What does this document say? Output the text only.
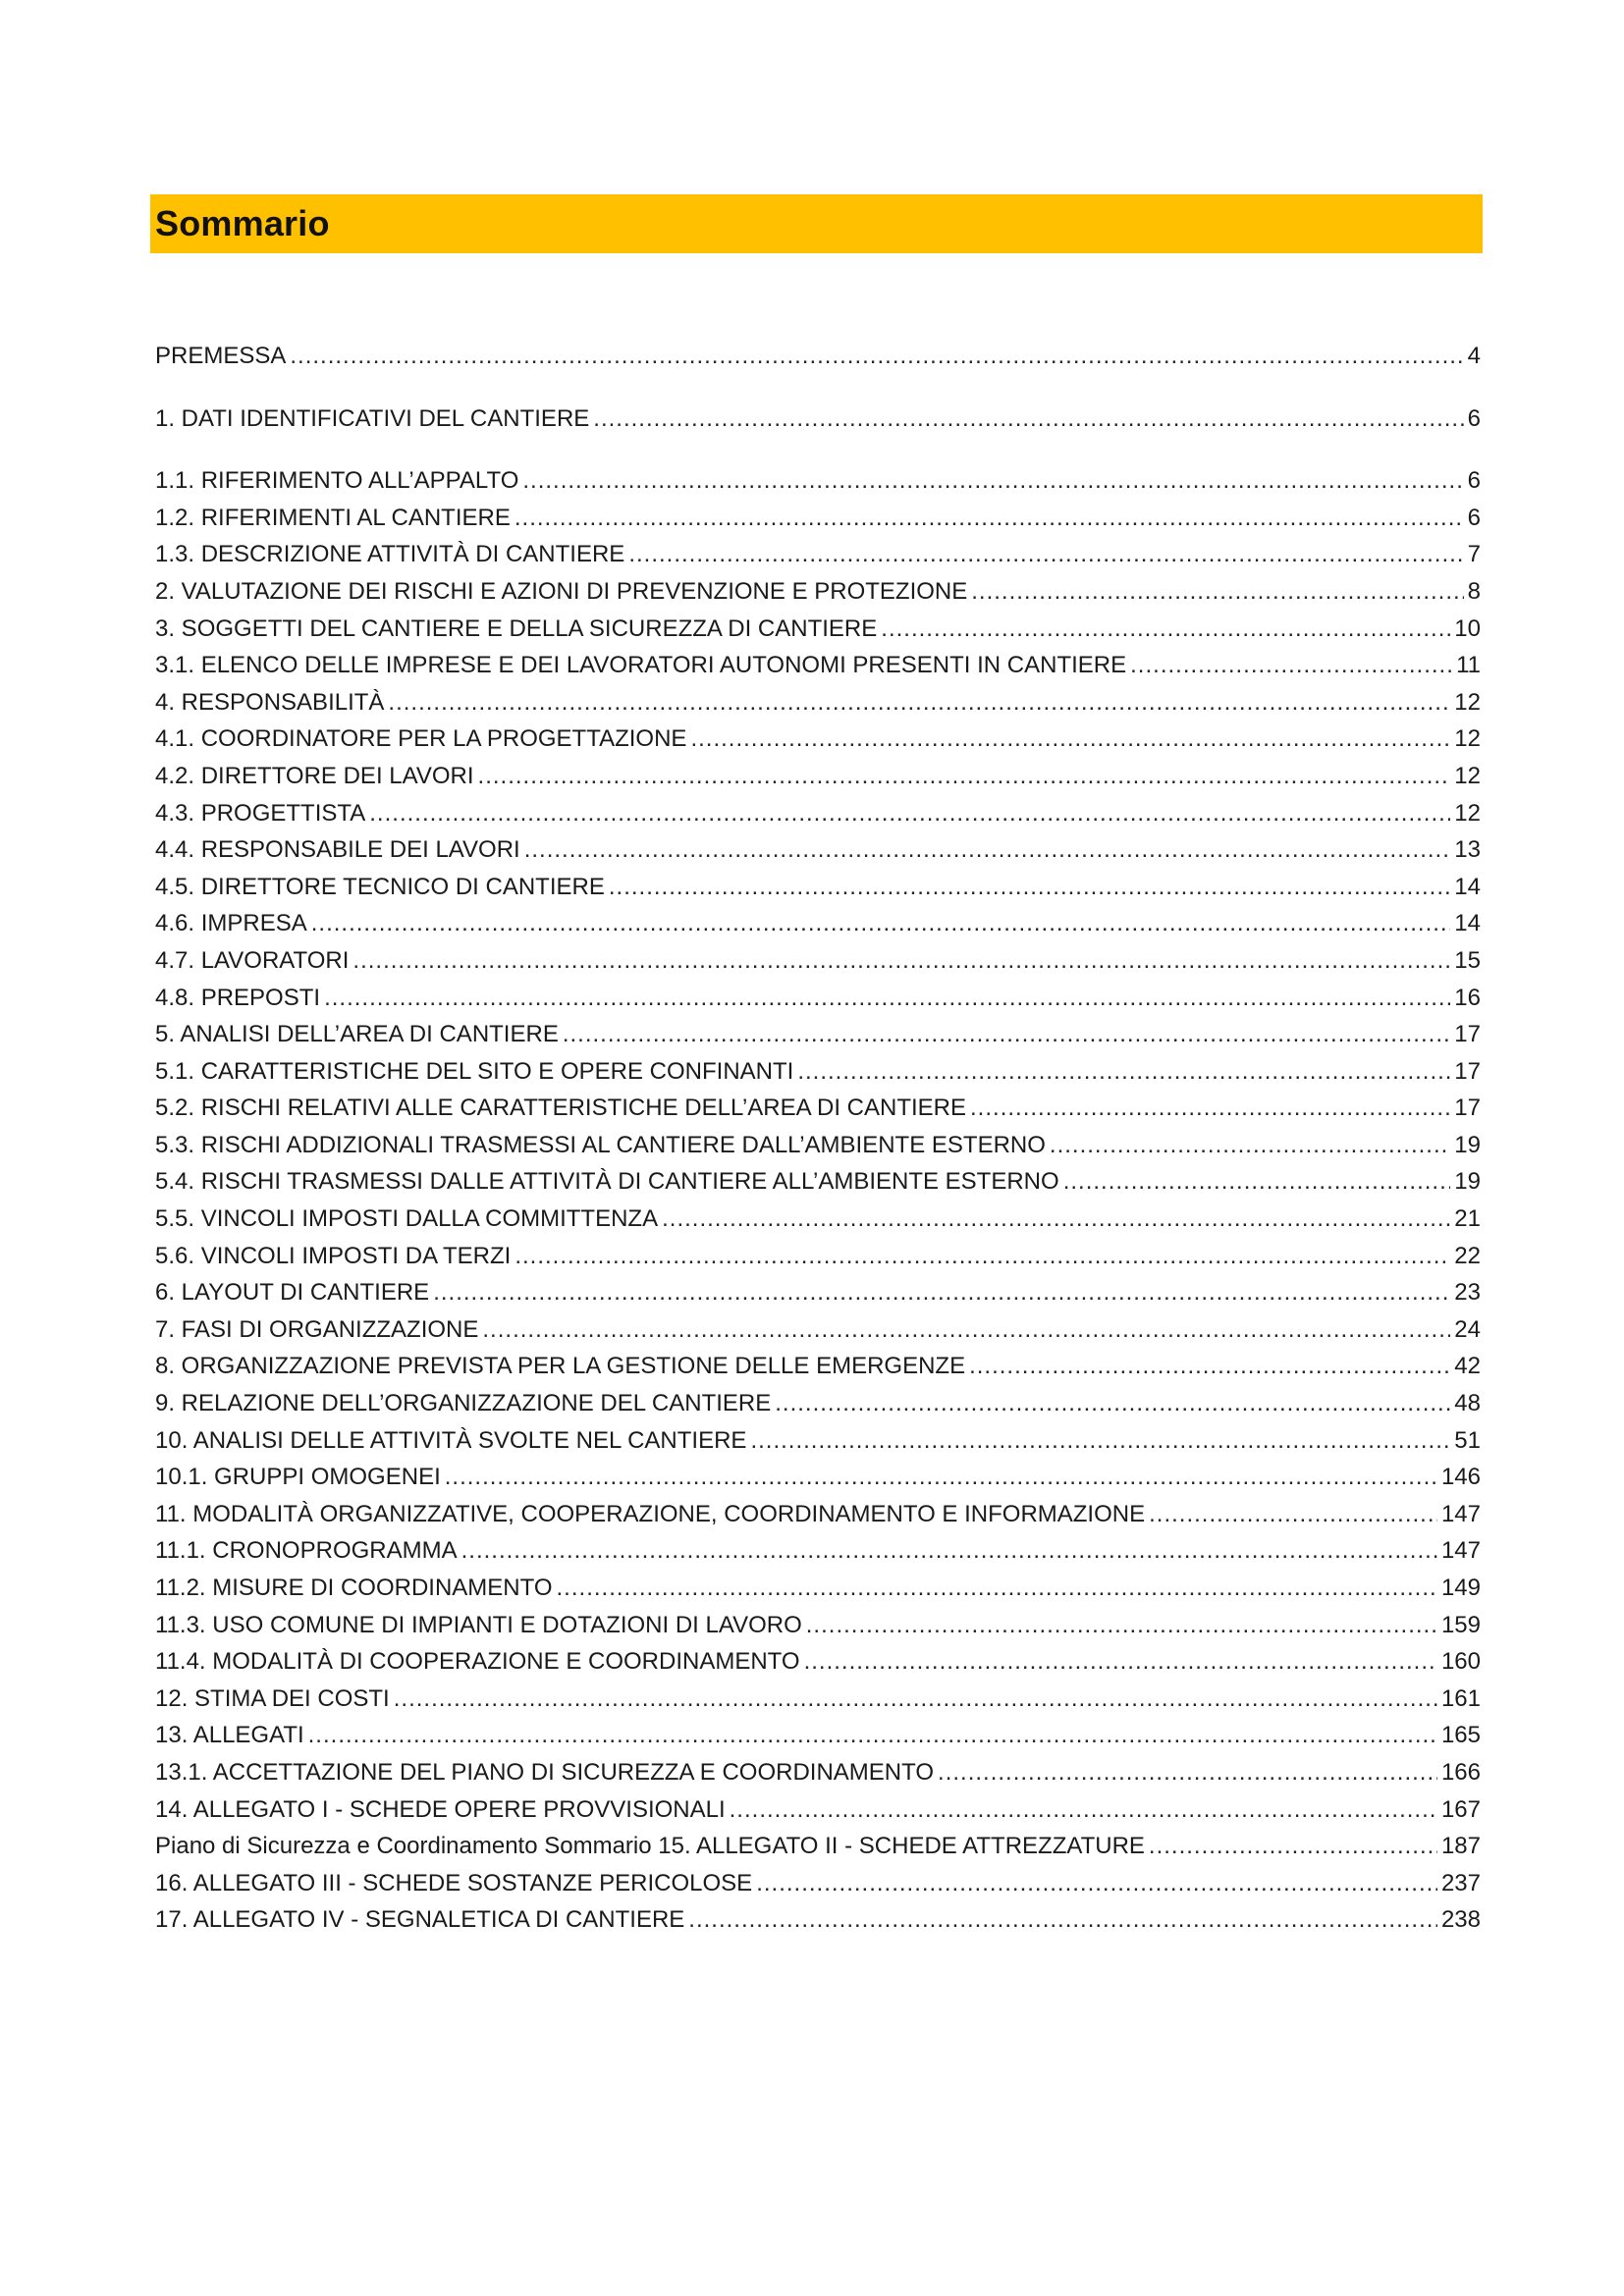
Sommario
PREMESSA .....	4
1. DATI IDENTIFICATIVI DEL CANTIERE .....	6
1.1. RIFERIMENTO ALL’APPALTO .....	6
1.2. RIFERIMENTI AL CANTIERE .....	6
1.3. DESCRIZIONE ATTIVITÀ DI CANTIERE .....	7
2. VALUTAZIONE DEI RISCHI E AZIONI DI PREVENZIONE E PROTEZIONE .....	8
3. SOGGETTI DEL CANTIERE E DELLA SICUREZZA DI CANTIERE .....	10
3.1. ELENCO DELLE IMPRESE E DEI LAVORATORI AUTONOMI PRESENTI IN CANTIERE .....	11
4. RESPONSABILITÀ .....	12
4.1. COORDINATORE PER LA PROGETTAZIONE .....	12
4.2. DIRETTORE DEI LAVORI .....	12
4.3. PROGETTISTA .....	12
4.4. RESPONSABILE DEI LAVORI .....	13
4.5. DIRETTORE TECNICO DI CANTIERE .....	14
4.6. IMPRESA .....	14
4.7. LAVORATORI .....	15
4.8. PREPOSTI .....	16
5. ANALISI DELL’AREA DI CANTIERE .....	17
5.1. CARATTERISTICHE DEL SITO E OPERE CONFINANTI .....	17
5.2. RISCHI RELATIVI ALLE CARATTERISTICHE DELL’AREA DI CANTIERE .....	17
5.3. RISCHI ADDIZIONALI TRASMESSI AL CANTIERE DALL’AMBIENTE ESTERNO .....	19
5.4. RISCHI TRASMESSI DALLE ATTIVITÀ DI CANTIERE ALL’AMBIENTE ESTERNO .....	19
5.5. VINCOLI IMPOSTI DALLA COMMITTENZA .....	21
5.6. VINCOLI IMPOSTI DA TERZI .....	22
6. LAYOUT DI CANTIERE .....	23
7. FASI DI ORGANIZZAZIONE .....	24
8. ORGANIZZAZIONE PREVISTA PER LA GESTIONE DELLE EMERGENZE .....	42
9. RELAZIONE DELL’ORGANIZZAZIONE DEL CANTIERE .....	48
10. ANALISI DELLE ATTIVITÀ SVOLTE NEL CANTIERE .....	51
10.1. GRUPPI OMOGENEI .....	146
11. MODALITÀ ORGANIZZATIVE, COOPERAZIONE, COORDINAMENTO E INFORMAZIONE .....	147
11.1. CRONOPROGRAMMA .....	147
11.2. MISURE DI COORDINAMENTO .....	149
11.3. USO COMUNE DI IMPIANTI E DOTAZIONI DI LAVORO .....	159
11.4. MODALITÀ DI COOPERAZIONE E COORDINAMENTO .....	160
12. STIMA DEI COSTI .....	161
13. ALLEGATI .....	165
13.1. ACCETTAZIONE DEL PIANO DI SICUREZZA E COORDINAMENTO .....	166
14. ALLEGATO I - SCHEDE OPERE PROVVISIONALI .....	167
Piano di Sicurezza e Coordinamento Sommario 15. ALLEGATO II - SCHEDE ATTREZZATURE .....	187
16. ALLEGATO III - SCHEDE SOSTANZE PERICOLOSE .....	237
17. ALLEGATO IV - SEGNALETICA DI CANTIERE .....	238
